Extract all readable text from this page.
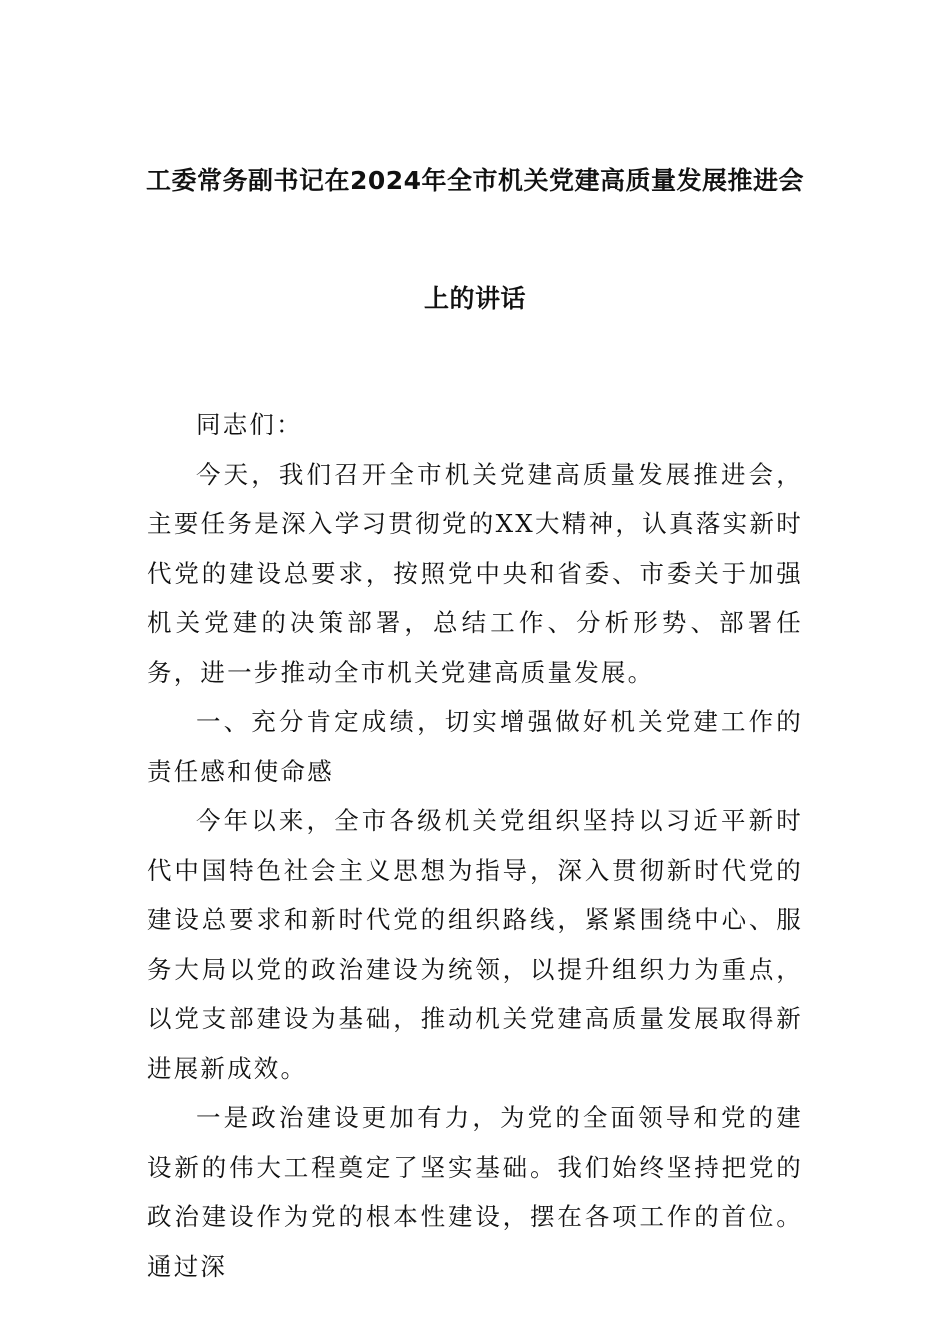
工委常务副书记在2024年全市机关党建高质量发展推进会
上的讲话

同志们：

今天，我们召开全市机关党建高质量发展推进会，主要任务是深入学习贯彻党的XX大精神，认真落实新时代党的建设总要求，按照党中央和省委、市委关于加强机关党建的决策部署，总结工作、分析形势、部署任务，进一步推动全市机关党建高质量发展。

一、充分肯定成绩，切实增强做好机关党建工作的责任感和使命感

今年以来，全市各级机关党组织坚持以习近平新时代中国特色社会主义思想为指导，深入贯彻新时代党的建设总要求和新时代党的组织路线，紧紧围绕中心、服务大局以党的政治建设为统领，以提升组织力为重点，以党支部建设为基础，推动机关党建高质量发展取得新进展新成效。

一是政治建设更加有力，为党的全面领导和党的建设新的伟大工程奠定了坚实基础。我们始终坚持把党的政治建设作为党的根本性建设，摆在各项工作的首位。通过深
